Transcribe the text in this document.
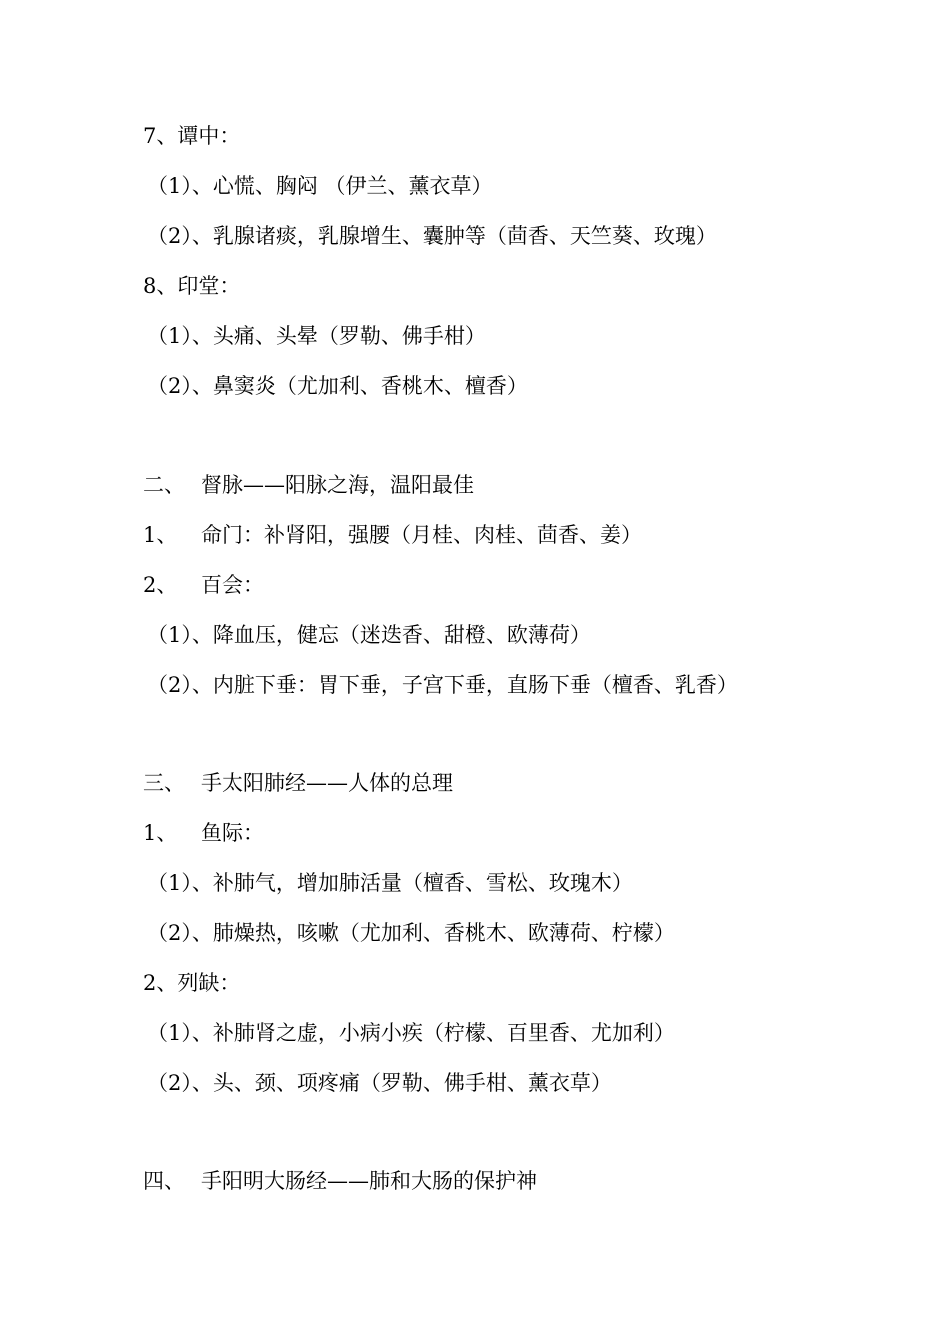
7、谭中：
（1）、心慌、胸闷 （伊兰、薰衣草）
（2）、乳腺诸痰，乳腺增生、囊肿等（茴香、天竺葵、玫瑰）
8、印堂：
（1）、头痛、头晕（罗勒、佛手柑）
（2）、鼻窦炎（尤加利、香桃木、檀香）
二、 督脉——阳脉之海，温阳最佳
1、 命门：补肾阳，强腰（月桂、肉桂、茴香、姜）
2、 百会：
（1）、降血压，健忘（迷迭香、甜橙、欧薄荷）
（2）、内脏下垂：胃下垂，子宫下垂，直肠下垂（檀香、乳香）
三、 手太阳肺经——人体的总理
1、 鱼际：
（1）、补肺气，增加肺活量（檀香、雪松、玫瑰木）
（2）、肺燥热，咳嗽（尤加利、香桃木、欧薄荷、柠檬）
2、列缺：
（1）、补肺肾之虚，小病小疾（柠檬、百里香、尤加利）
（2）、头、颈、项疼痛（罗勒、佛手柑、薰衣草）
四、 手阳明大肠经——肺和大肠的保护神
